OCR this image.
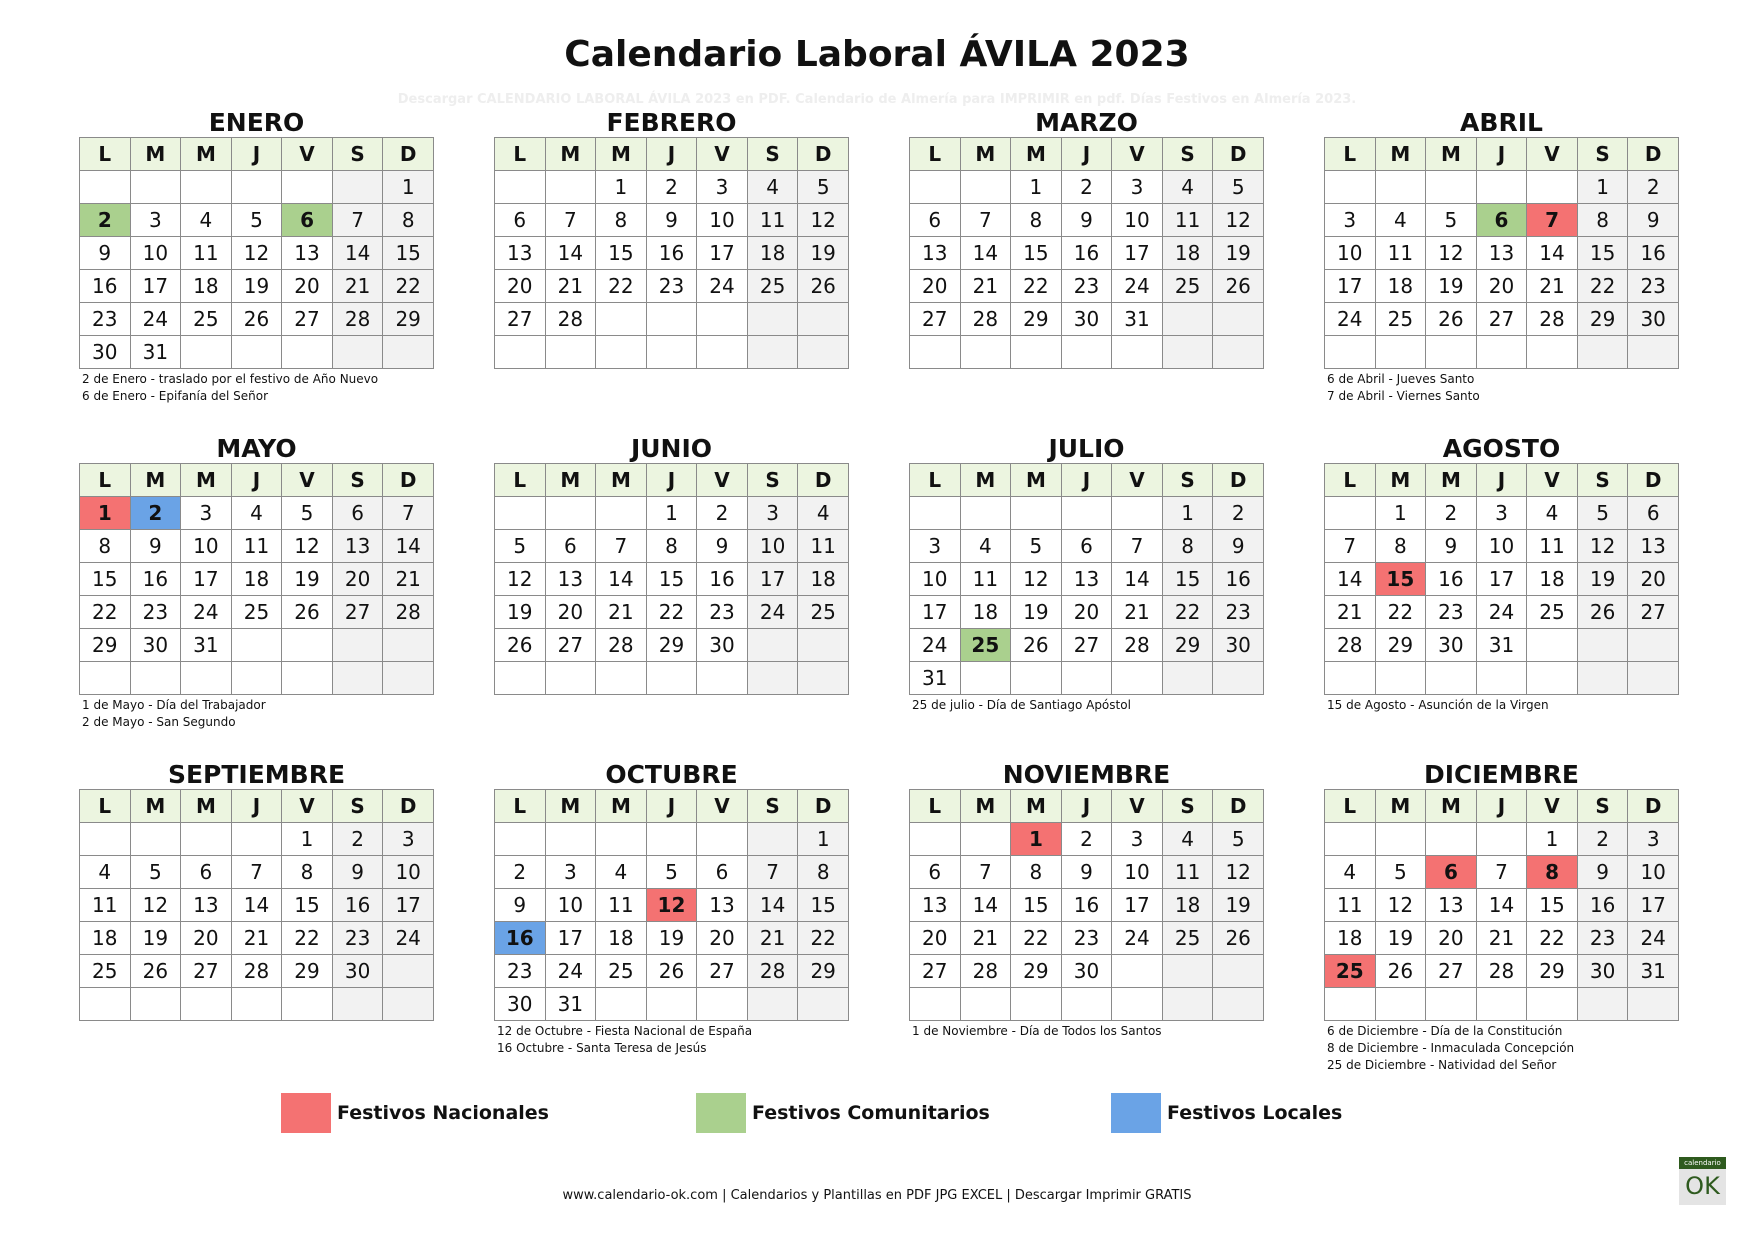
Calendario Laboral ÁVILA 2023
Descargar CALENDARIO LABORAL ÁVILA 2023 en PDF. Calendario de Almería para IMPRIMIR en pdf. Días Festivos en Almería 2023.
ENERO
L	M	M	J	V	S	D
						1
2	3	4	5	6	7	8
9	10	11	12	13	14	15
16	17	18	19	20	21	22
23	24	25	26	27	28	29
30	31					
2 de Enero - traslado por el festivo de Año Nuevo
6 de Enero - Epifanía del Señor
FEBRERO
L	M	M	J	V	S	D
		1	2	3	4	5
6	7	8	9	10	11	12
13	14	15	16	17	18	19
20	21	22	23	24	25	26
27	28					

MARZO
L	M	M	J	V	S	D
		1	2	3	4	5
6	7	8	9	10	11	12
13	14	15	16	17	18	19
20	21	22	23	24	25	26
27	28	29	30	31		

ABRIL
L	M	M	J	V	S	D
					1	2
3	4	5	6	7	8	9
10	11	12	13	14	15	16
17	18	19	20	21	22	23
24	25	26	27	28	29	30

6 de Abril - Jueves Santo
7 de Abril - Viernes Santo
MAYO
L	M	M	J	V	S	D
1	2	3	4	5	6	7
8	9	10	11	12	13	14
15	16	17	18	19	20	21
22	23	24	25	26	27	28
29	30	31				

1 de Mayo - Día del Trabajador
2 de Mayo - San Segundo
JUNIO
L	M	M	J	V	S	D
			1	2	3	4
5	6	7	8	9	10	11
12	13	14	15	16	17	18
19	20	21	22	23	24	25
26	27	28	29	30		

JULIO
L	M	M	J	V	S	D
					1	2
3	4	5	6	7	8	9
10	11	12	13	14	15	16
17	18	19	20	21	22	23
24	25	26	27	28	29	30
31						
25 de julio - Día de Santiago Apóstol
AGOSTO
L	M	M	J	V	S	D
	1	2	3	4	5	6
7	8	9	10	11	12	13
14	15	16	17	18	19	20
21	22	23	24	25	26	27
28	29	30	31			

15 de Agosto - Asunción de la Virgen
SEPTIEMBRE
L	M	M	J	V	S	D
				1	2	3
4	5	6	7	8	9	10
11	12	13	14	15	16	17
18	19	20	21	22	23	24
25	26	27	28	29	30	

OCTUBRE
L	M	M	J	V	S	D
						1
2	3	4	5	6	7	8
9	10	11	12	13	14	15
16	17	18	19	20	21	22
23	24	25	26	27	28	29
30	31					
12 de Octubre - Fiesta Nacional de España
16 Octubre - Santa Teresa de Jesús
NOVIEMBRE
L	M	M	J	V	S	D
		1	2	3	4	5
6	7	8	9	10	11	12
13	14	15	16	17	18	19
20	21	22	23	24	25	26
27	28	29	30			

1 de Noviembre - Día de Todos los Santos
DICIEMBRE
L	M	M	J	V	S	D
				1	2	3
4	5	6	7	8	9	10
11	12	13	14	15	16	17
18	19	20	21	22	23	24
25	26	27	28	29	30	31

6 de Diciembre - Día de la Constitución
8 de Diciembre - Inmaculada Concepción
25 de Diciembre - Natividad del Señor
Festivos Nacionales	Festivos Comunitarios	Festivos Locales
www.calendario-ok.com | Calendarios y Plantillas en PDF JPG EXCEL | Descargar Imprimir GRATIS
calendario
OK
